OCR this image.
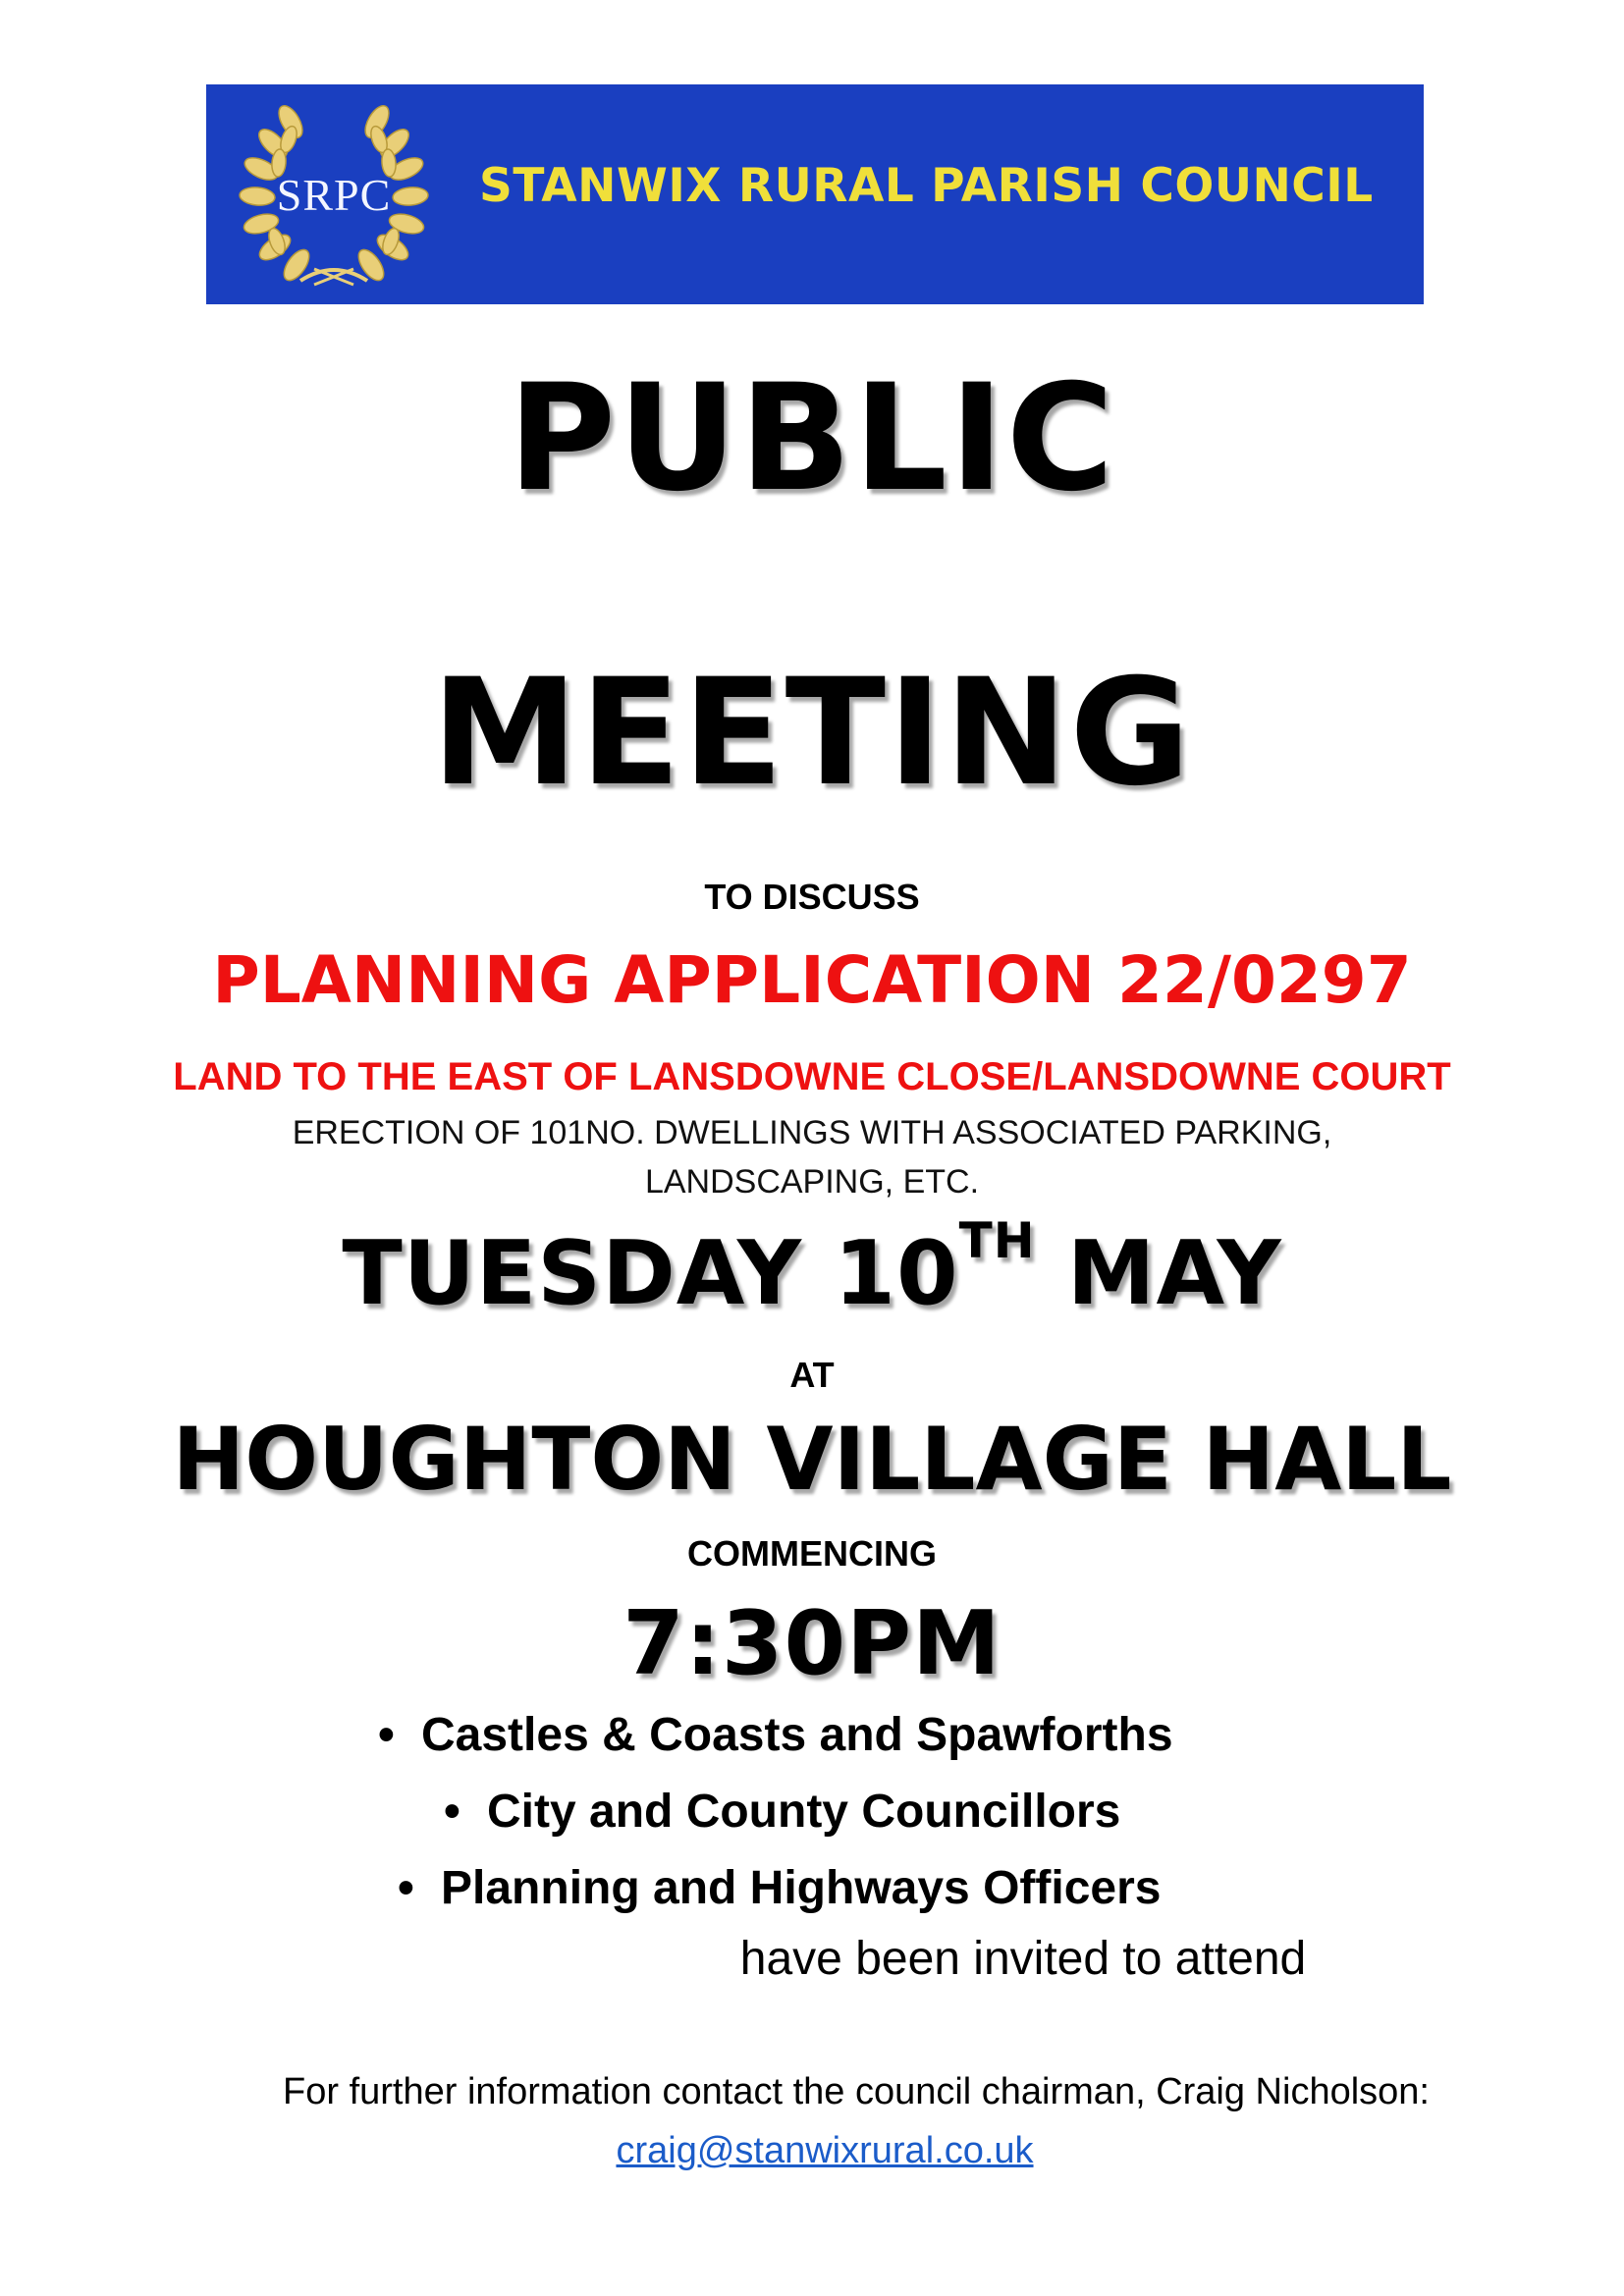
SRPC	STANWIX RURAL PARISH COUNCIL
PUBLIC
MEETING
TO DISCUSS
PLANNING APPLICATION 22/0297
LAND TO THE EAST OF LANSDOWNE CLOSE/LANSDOWNE COURT
ERECTION OF 101NO. DWELLINGS WITH ASSOCIATED PARKING,
LANDSCAPING, ETC.
TUESDAY 10TH MAY
AT
HOUGHTON VILLAGE HALL
COMMENCING
7:30PM
• Castles & Coasts and Spawforths
• City and County Councillors
• Planning and Highways Officers
have been invited to attend
For further information contact the council chairman, Craig Nicholson:
craig@stanwixrural.co.uk
